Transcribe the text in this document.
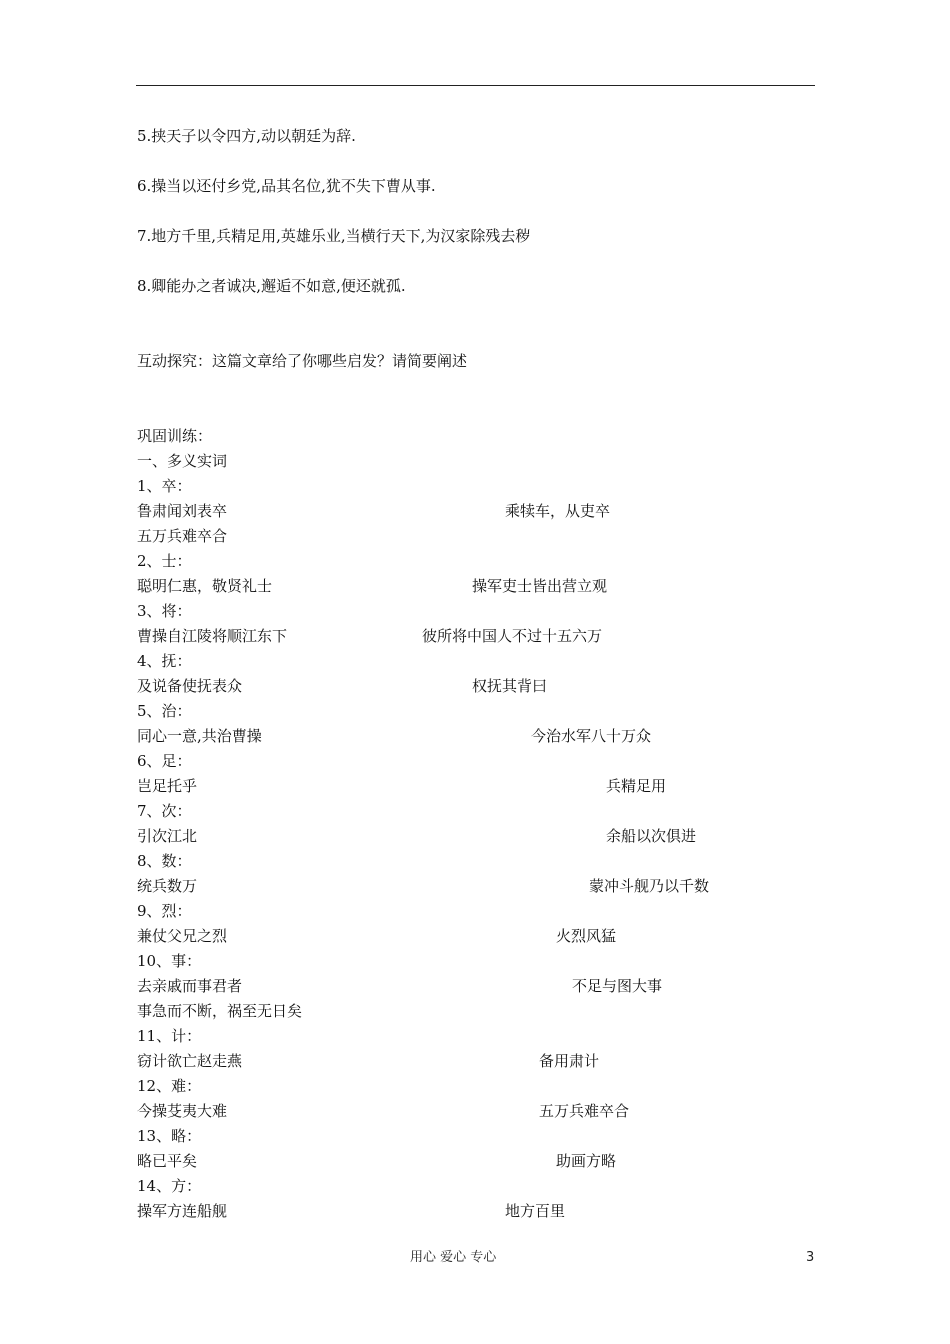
5.挟天子以令四方,动以朝廷为辞.
6.操当以还付乡党,品其名位,犹不失下曹从事.
7.地方千里,兵精足用,英雄乐业,当横行天下,为汉家除残去秽
8.卿能办之者诚决,邂逅不如意,便还就孤.
互动探究：这篇文章给了你哪些启发？请简要阐述
巩固训练：
一、多义实词
1、卒：
鲁肃闻刘表卒	乘犊车，从吏卒
五万兵难卒合
2、士：
聪明仁惠，敬贤礼士	操军吏士皆出营立观
3、将：
曹操自江陵将顺江东下	彼所将中国人不过十五六万
4、抚：
及说备使抚表众	权抚其背曰
5、治：
同心一意,共治曹操	今治水军八十万众
6、足：
岂足托乎	兵精足用
7、次：
引次江北	余船以次俱进
8、数：
统兵数万	蒙冲斗舰乃以千数
9、烈：
兼仗父兄之烈	火烈风猛
10、事：
去亲戚而事君者	不足与图大事
事急而不断，祸至无日矣
11、计：
窃计欲亡赵走燕	备用肃计
12、难：
今操芟夷大难	五万兵难卒合
13、略：
略已平矣	助画方略
14、方：
操军方连船舰	地方百里
用心 爱心 专心	3
